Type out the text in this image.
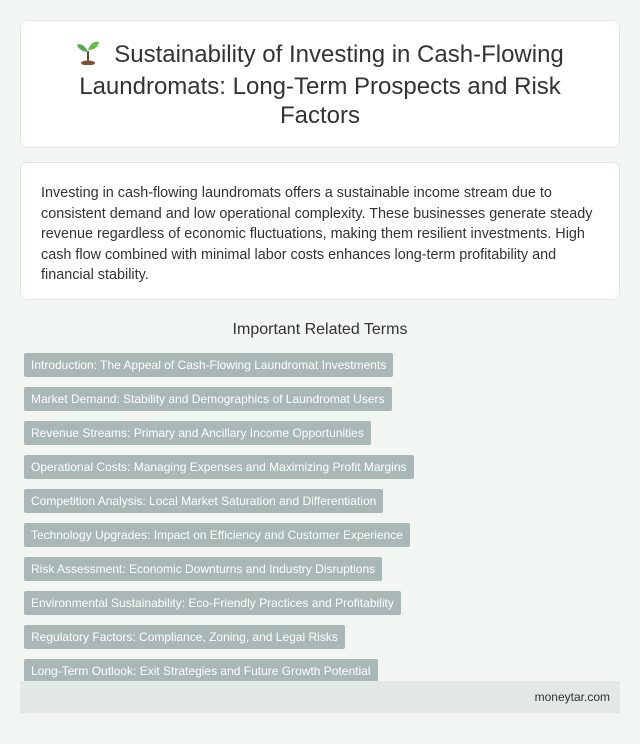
Sustainability of Investing in Cash-Flowing Laundromats: Long-Term Prospects and Risk Factors

Investing in cash-flowing laundromats offers a sustainable income stream due to consistent demand and low operational complexity. These businesses generate steady revenue regardless of economic fluctuations, making them resilient investments. High cash flow combined with minimal labor costs enhances long-term profitability and financial stability.

Important Related Terms
Introduction: The Appeal of Cash-Flowing Laundromat Investments
Market Demand: Stability and Demographics of Laundromat Users
Revenue Streams: Primary and Ancillary Income Opportunities
Operational Costs: Managing Expenses and Maximizing Profit Margins
Competition Analysis: Local Market Saturation and Differentiation
Technology Upgrades: Impact on Efficiency and Customer Experience
Risk Assessment: Economic Downturns and Industry Disruptions
Environmental Sustainability: Eco-Friendly Practices and Profitability
Regulatory Factors: Compliance, Zoning, and Legal Risks
Long-Term Outlook: Exit Strategies and Future Growth Potential
moneytar.com
